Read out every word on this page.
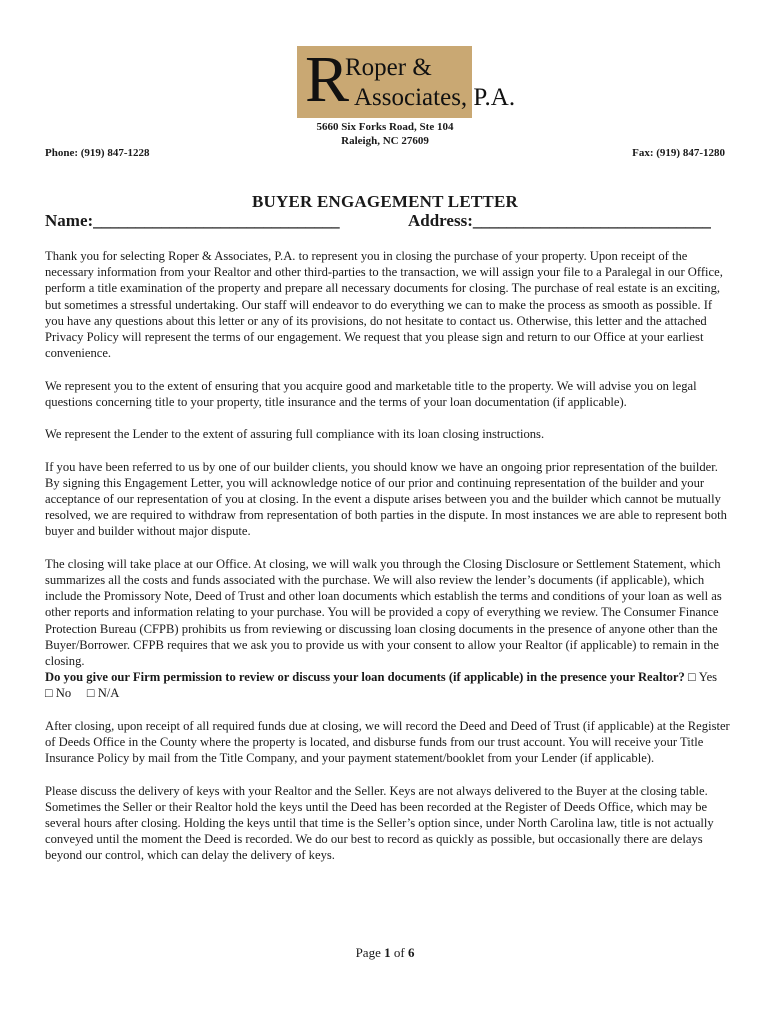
R
Roper &
Associates, P.A.
5660 Six Forks Road, Ste 104
Raleigh, NC 27609
Phone: (919) 847-1228	Fax: (919) 847-1280
BUYER ENGAGEMENT LETTER
Name:_____________________________	Address:____________________________

Thank you for selecting Roper & Associates, P.A. to represent you in closing the purchase of your property. Upon receipt of the necessary information from your Realtor and other third-parties to the transaction, we will assign your file to a Paralegal in our Office, perform a title examination of the property and prepare all necessary documents for closing. The purchase of real estate is an exciting, but sometimes a stressful undertaking. Our staff will endeavor to do everything we can to make the process as smooth as possible. If you have any questions about this letter or any of its provisions, do not hesitate to contact us. Otherwise, this letter and the attached Privacy Policy will represent the terms of our engagement. We request that you please sign and return to our Office at your earliest convenience.

We represent you to the extent of ensuring that you acquire good and marketable title to the property. We will advise you on legal questions concerning title to your property, title insurance and the terms of your loan documentation (if applicable).

We represent the Lender to the extent of assuring full compliance with its loan closing instructions.

If you have been referred to us by one of our builder clients, you should know we have an ongoing prior representation of the builder. By signing this Engagement Letter, you will acknowledge notice of our prior and continuing representation of the builder and your acceptance of our representation of you at closing. In the event a dispute arises between you and the builder which cannot be mutually resolved, we are required to withdraw from representation of both parties in the dispute. In most instances we are able to represent both buyer and builder without major dispute.

The closing will take place at our Office. At closing, we will walk you through the Closing Disclosure or Settlement Statement, which summarizes all the costs and funds associated with the purchase. We will also review the lender’s documents (if applicable), which include the Promissory Note, Deed of Trust and other loan documents which establish the terms and conditions of your loan as well as other reports and information relating to your purchase. You will be provided a copy of everything we review. The Consumer Finance Protection Bureau (CFPB) prohibits us from reviewing or discussing loan closing documents in the presence of anyone other than the Buyer/Borrower. CFPB requires that we ask you to provide us with your consent to allow your Realtor (if applicable) to remain in the closing.

Do you give our Firm permission to review or discuss your loan documents (if applicable) in the presence your Realtor? □ Yes     □ No □ N/A

After closing, upon receipt of all required funds due at closing, we will record the Deed and Deed of Trust (if applicable) at the Register of Deeds Office in the County where the property is located, and disburse funds from our trust account. You will receive your Title Insurance Policy by mail from the Title Company, and your payment statement/booklet from your Lender (if applicable).

Please discuss the delivery of keys with your Realtor and the Seller. Keys are not always delivered to the Buyer at the closing table. Sometimes the Seller or their Realtor hold the keys until the Deed has been recorded at the Register of Deeds Office, which may be several hours after closing. Holding the keys until that time is the Seller’s option since, under North Carolina law, title is not actually conveyed until the moment the Deed is recorded. We do our best to record as quickly as possible, but occasionally there are delays beyond our control, which can delay the delivery of keys.

Page 1 of 6
